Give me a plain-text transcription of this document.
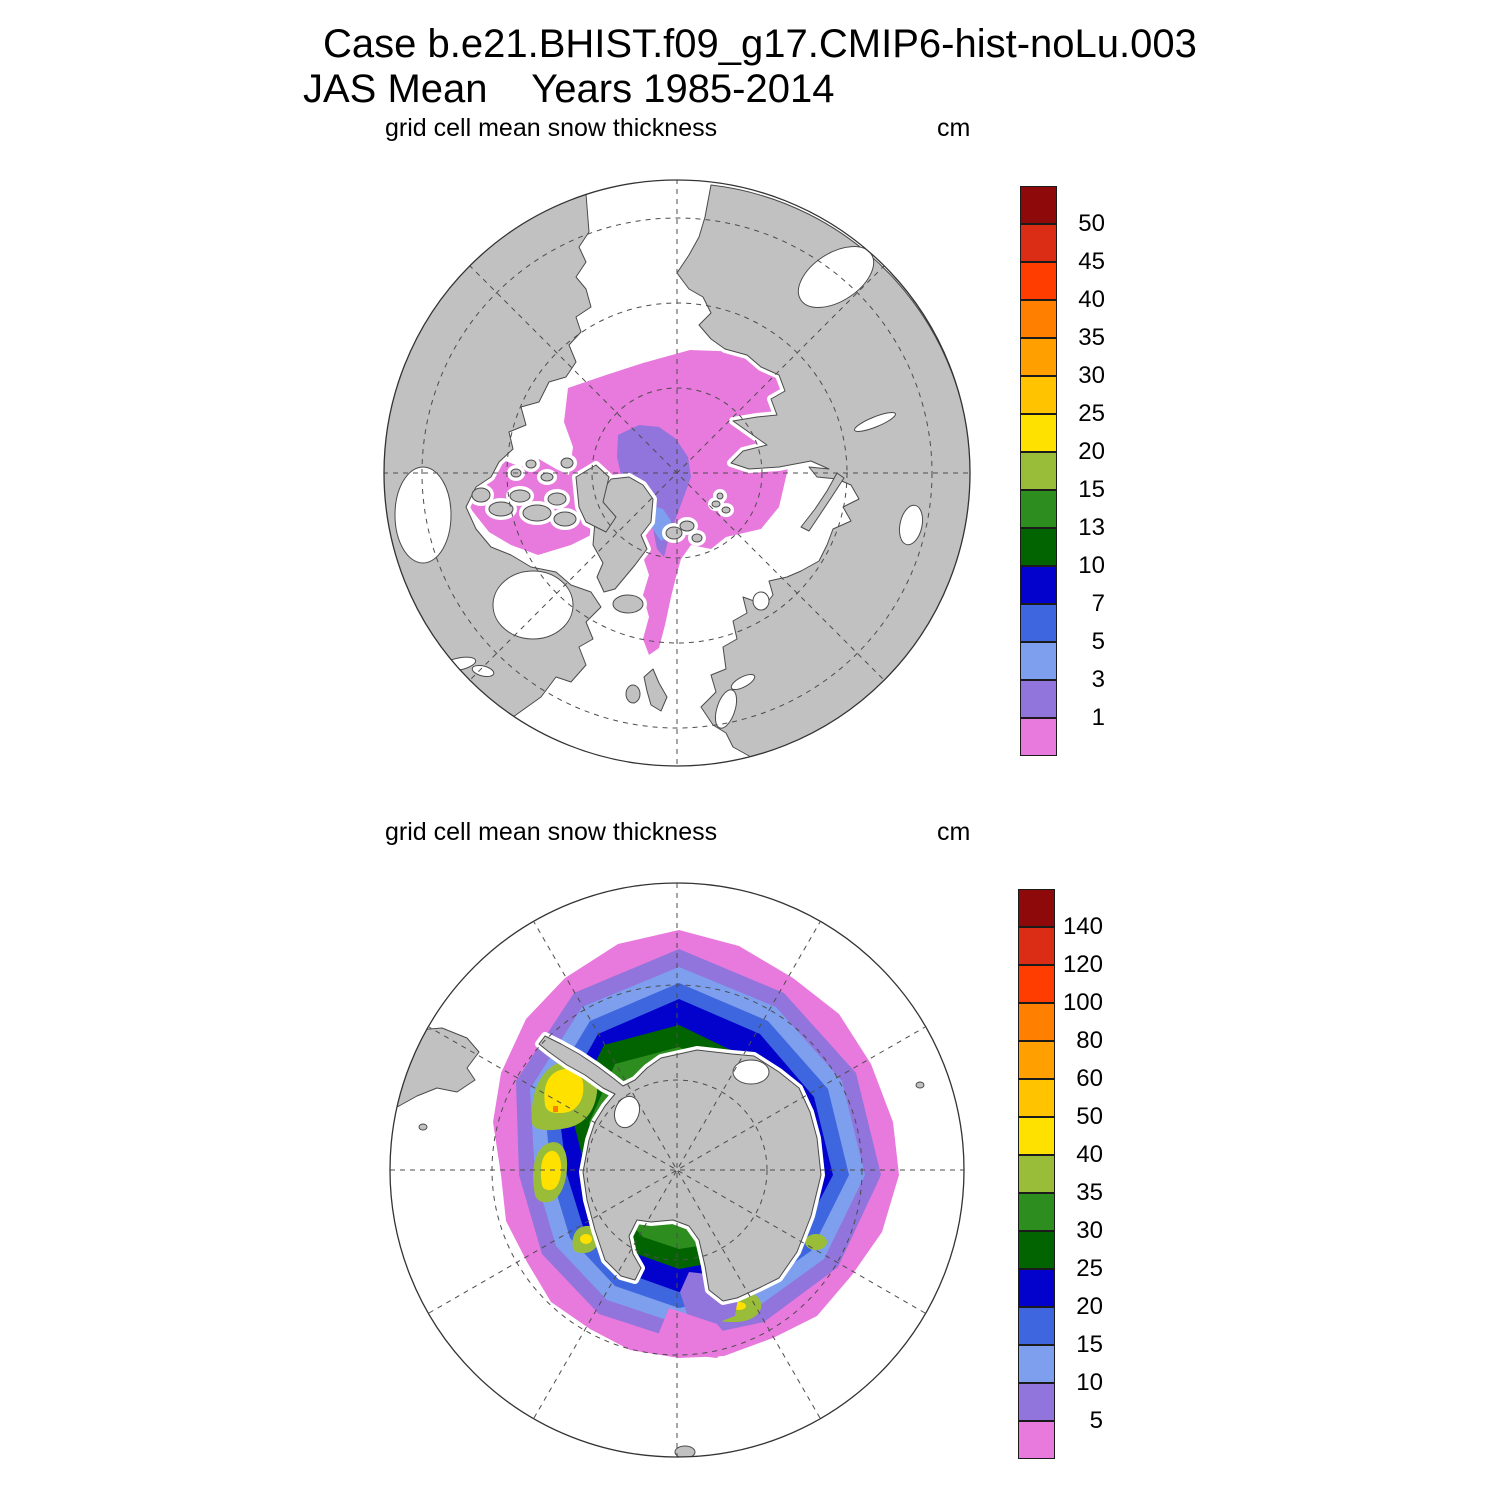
Case b.e21.BHIST.f09_g17.CMIP6-hist-noLu.003
JAS Mean    Years 1985-2014
grid cell mean snow thickness	cm
50
45
40
35
30
25
20
15
13
10
7
5
3
1
grid cell mean snow thickness	cm
140
120
100
80
60
50
40
35
30
25
20
15
10
5
